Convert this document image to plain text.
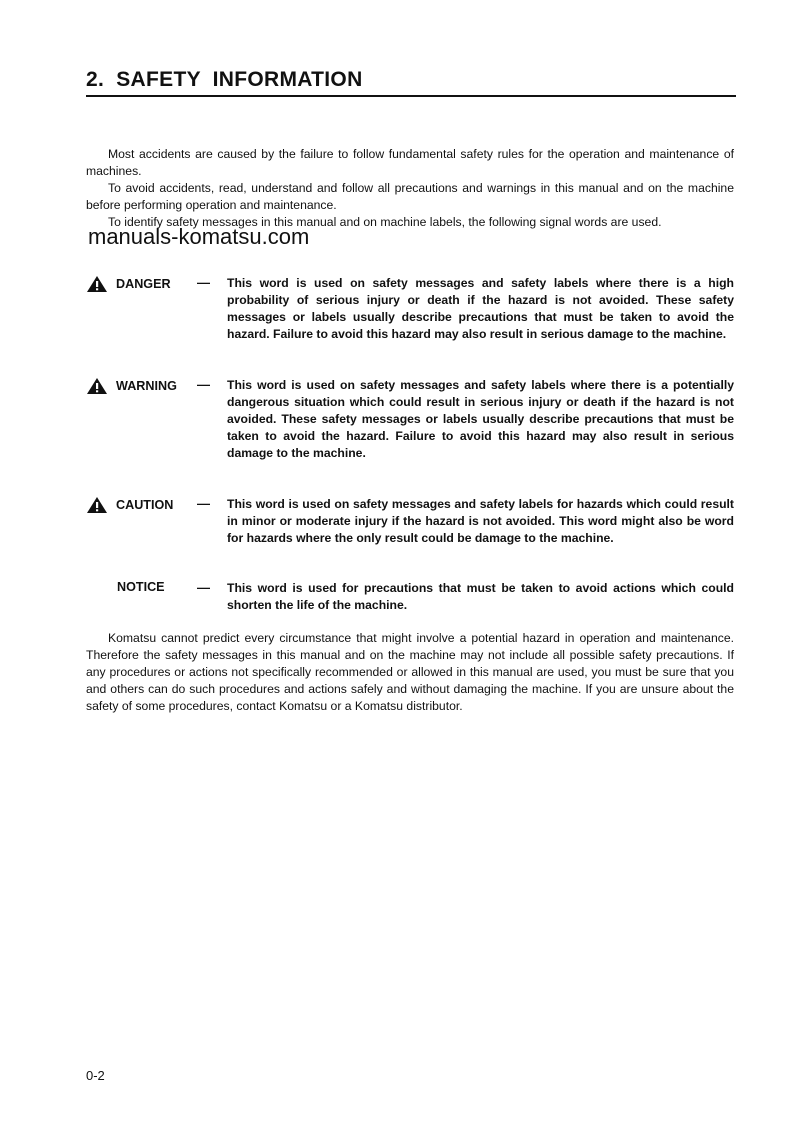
2. SAFETY INFORMATION
Most accidents are caused by the failure to follow fundamental safety rules for the operation and maintenance of machines.
To avoid accidents, read, understand and follow all precautions and warnings in this manual and on the machine before performing operation and maintenance.
To identify safety messages in this manual and on machine labels, the following signal words are used.
manuals-komatsu.com
DANGER — This word is used on safety messages and safety labels where there is a high probability of serious injury or death if the hazard is not avoided. These safety messages or labels usually describe precautions that must be taken to avoid the hazard. Failure to avoid this hazard may also result in serious damage to the machine.
WARNING — This word is used on safety messages and safety labels where there is a potentially dangerous situation which could result in serious injury or death if the hazard is not avoided. These safety messages or labels usually describe precautions that must be taken to avoid the hazard. Failure to avoid this hazard may also result in serious damage to the machine.
CAUTION — This word is used on safety messages and safety labels for hazards which could result in minor or moderate injury if the hazard is not avoided. This word might also be word for hazards where the only result could be damage to the machine.
NOTICE — This word is used for precautions that must be taken to avoid actions which could shorten the life of the machine.
Komatsu cannot predict every circumstance that might involve a potential hazard in operation and maintenance. Therefore the safety messages in this manual and on the machine may not include all possible safety precautions. If any procedures or actions not specifically recommended or allowed in this manual are used, you must be sure that you and others can do such procedures and actions safely and without damaging the machine. If you are unsure about the safety of some procedures, contact Komatsu or a Komatsu distributor.
0-2
